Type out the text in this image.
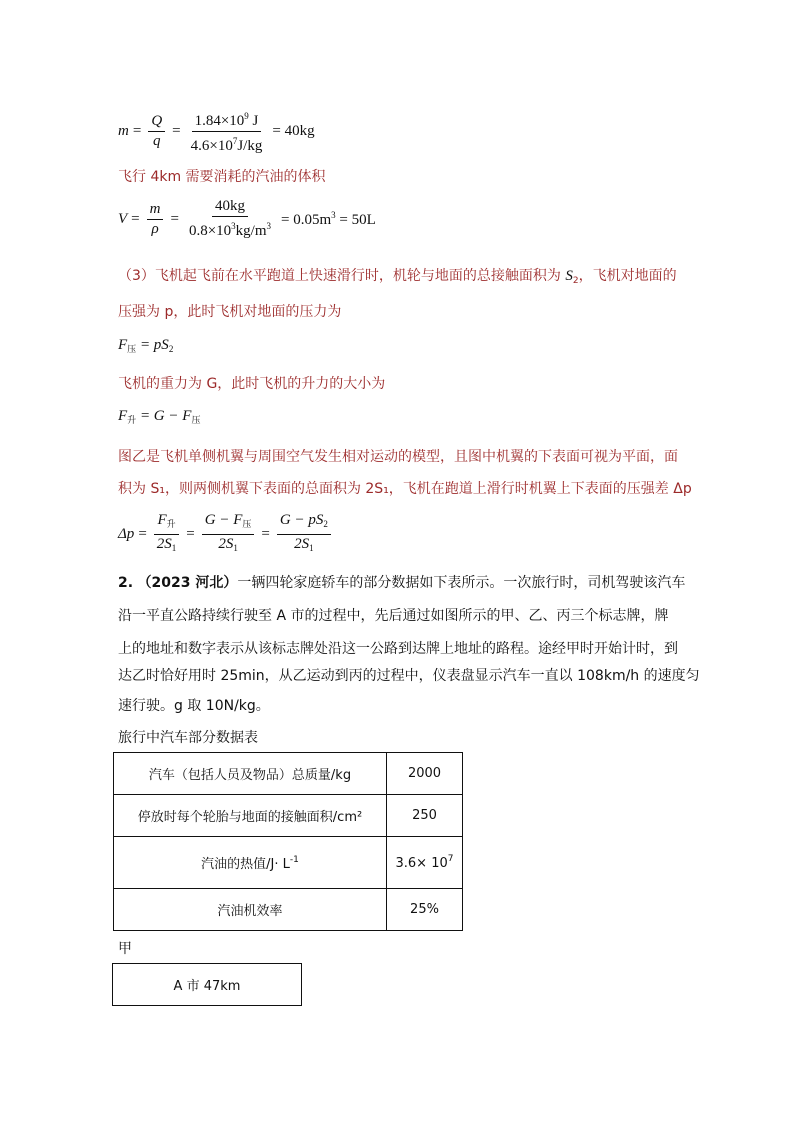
$m = \frac{Q}{q} = \frac{1.84\times 10^9 J}{4.6\times 10^7J/kg} = 40kg$
飞行 4km 需要消耗的汽油的体积
$V = \frac{m}{\rho} = \frac{40kg}{0.8\times 10^3kg/m^3} = 0.05m^3 = 50L$
（3）飞机起飞前在水平跑道上快速滑行时，机轮与地面的总接触面积为 $S_2$，飞机对地面的
压强为 p，此时飞机对地面的压力为
$F_压 = pS_2$
飞机的重力为 G，此时飞机的升力的大小为
$F_升 = G - F_压$
图乙是飞机单侧机翼与周围空气发生相对运动的模型，且图中机翼的下表面可视为平面，面
积为 S₁，则两侧机翼下表面的总面积为 2S₁，飞机在跑道上滑行时机翼上下表面的压强差 Δp
$\Delta p = \frac{F_升}{2S_1} = \frac{G - F_压}{2S_1} = \frac{G - pS_2}{2S_1}$
2. （2023 河北）一辆四轮家庭轿车的部分数据如下表所示。一次旅行时，司机驾驶该汽车
沿一平直公路持续行驶至 A 市的过程中，先后通过如图所示的甲、乙、丙三个标志牌，牌
上的地址和数字表示从该标志牌处沿这一公路到达牌上地址的路程。途经甲时开始计时，到
达乙时恰好用时 25min，从乙运动到丙的过程中，仪表盘显示汽车一直以 108km/h 的速度匀
速行驶。g 取 10N/kg。
旅行中汽车部分数据表
汽车（包括人员及物品）总质量/kg	2000
停放时每个轮胎与地面的接触面积/cm²	250
汽油的热值$/J\cdot L^{-1}$	$3.6\times 10^7$
汽油机效率	25%
甲
A 市 47km
